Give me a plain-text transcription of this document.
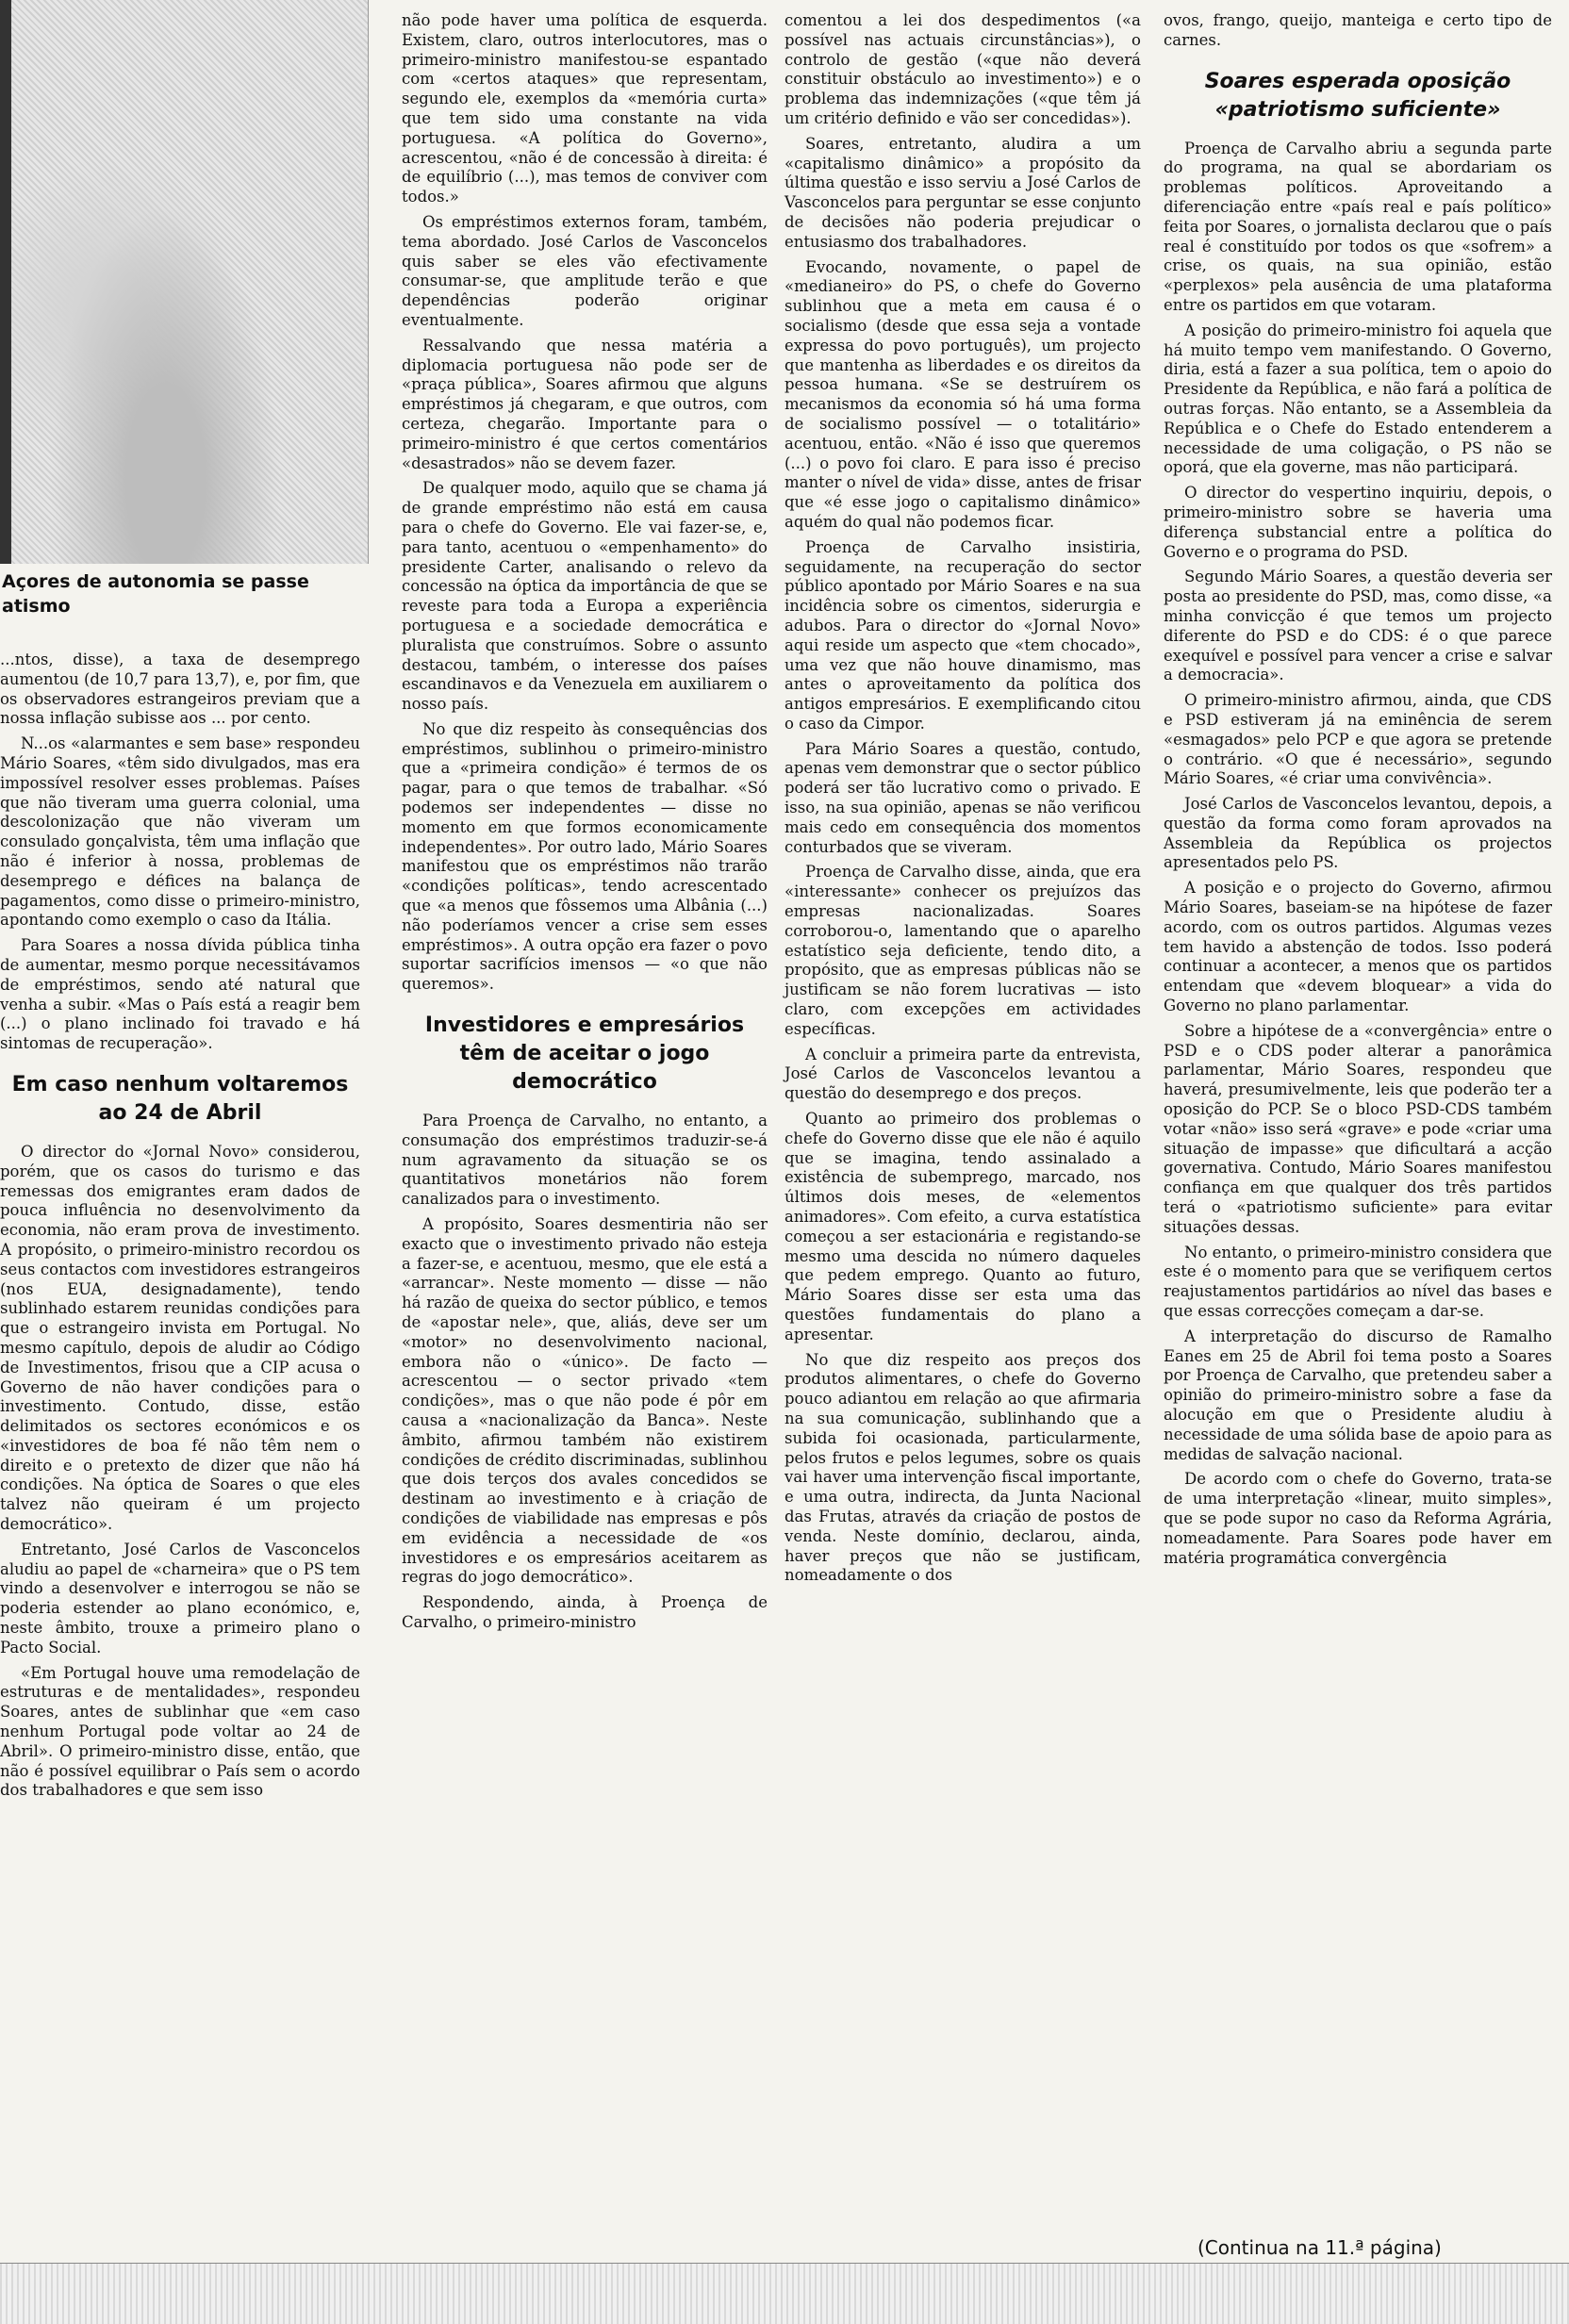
Açores de autonomia se passe
atismo

...ntos, disse), a taxa de desemprego aumentou (de 10,7 para 13,7), e, por fim, que os observadores estrangeiros previam que a nossa inflação subisse aos ... por cento.

N...os «alarmantes e sem base» respondeu Mário Soares, «têm sido divulgados, mas era impossível resolver esses problemas. Países que não tiveram uma guerra colonial, uma descolonização que não viveram um consulado gonçalvista, têm uma inflação que não é inferior à nossa, problemas de desemprego e défices na balança de pagamentos, como disse o primeiro-ministro, apontando como exemplo o caso da Itália.

Para Soares a nossa dívida pública tinha de aumentar, mesmo porque necessitávamos de empréstimos, sendo até natural que venha a subir. «Mas o País está a reagir bem (...) o plano inclinado foi travado e há sintomas de recuperação».

Em caso nenhum voltaremos ao 24 de Abril

O director do «Jornal Novo» considerou, porém, que os casos do turismo e das remessas dos emigrantes eram dados de pouca influência no desenvolvimento da economia, não eram prova de investimento. A propósito, o primeiro-ministro recordou os seus contactos com investidores estrangeiros (nos EUA, designadamente), tendo sublinhado estarem reunidas condições para que o estrangeiro invista em Portugal. No mesmo capítulo, depois de aludir ao Código de Investimentos, frisou que a CIP acusa o Governo de não haver condições para o investimento. Contudo, disse, estão delimitados os sectores económicos e os «investidores de boa fé não têm nem o direito e o pretexto de dizer que não há condições. Na óptica de Soares o que eles talvez não queiram é um projecto democrático».

Entretanto, José Carlos de Vasconcelos aludiu ao papel de «charneira» que o PS tem vindo a desenvolver e interrogou se não se poderia estender ao plano económico, e, neste âmbito, trouxe a primeiro plano o Pacto Social.

«Em Portugal houve uma remodelação de estruturas e de mentalidades», respondeu Soares, antes de sublinhar que «em caso nenhum Portugal pode voltar ao 24 de Abril». O primeiro-ministro disse, então, que não é possível equilibrar o País sem o acordo dos trabalhadores e que sem isso

não pode haver uma política de esquerda. Existem, claro, outros interlocutores, mas o primeiro-ministro manifestou-se espantado com «certos ataques» que representam, segundo ele, exemplos da «memória curta» que tem sido uma constante na vida portuguesa. «A política do Governo», acrescentou, «não é de concessão à direita: é de equilíbrio (...), mas temos de conviver com todos.»

Os empréstimos externos foram, também, tema abordado. José Carlos de Vasconcelos quis saber se eles vão efectivamente consumar-se, que amplitude terão e que dependências poderão originar eventualmente.

Ressalvando que nessa matéria a diplomacia portuguesa não pode ser de «praça pública», Soares afirmou que alguns empréstimos já chegaram, e que outros, com certeza, chegarão. Importante para o primeiro-ministro é que certos comentários «desastrados» não se devem fazer.

De qualquer modo, aquilo que se chama já de grande empréstimo não está em causa para o chefe do Governo. Ele vai fazer-se, e, para tanto, acentuou o «empenhamento» do presidente Carter, analisando o relevo da concessão na óptica da importância de que se reveste para toda a Europa a experiência portuguesa e a sociedade democrática e pluralista que construímos. Sobre o assunto destacou, também, o interesse dos países escandinavos e da Venezuela em auxiliarem o nosso país.

No que diz respeito às consequências dos empréstimos, sublinhou o primeiro-ministro que a «primeira condição» é termos de os pagar, para o que temos de trabalhar. «Só podemos ser independentes — disse no momento em que formos economicamente independentes». Por outro lado, Mário Soares manifestou que os empréstimos não trarão «condições políticas», tendo acrescentado que «a menos que fôssemos uma Albânia (...) não poderíamos vencer a crise sem esses empréstimos». A outra opção era fazer o povo suportar sacrifícios imensos — «o que não queremos».

Investidores e empresários têm de aceitar o jogo democrático

Para Proença de Carvalho, no entanto, a consumação dos empréstimos traduzir-se-á num agravamento da situação se os quantitativos monetários não forem canalizados para o investimento.

A propósito, Soares desmentiria não ser exacto que o investimento privado não esteja a fazer-se, e acentuou, mesmo, que ele está a «arrancar». Neste momento — disse — não há razão de queixa do sector público, e temos de «apostar nele», que, aliás, deve ser um «motor» no desenvolvimento nacional, embora não o «único». De facto — acrescentou — o sector privado «tem condições», mas o que não pode é pôr em causa a «nacionalização da Banca». Neste âmbito, afirmou também não existirem condições de crédito discriminadas, sublinhou que dois terços dos avales concedidos se destinam ao investimento e à criação de condições de viabilidade nas empresas e pôs em evidência a necessidade de «os investidores e os empresários aceitarem as regras do jogo democrático».

Respondendo, ainda, à Proença de Carvalho, o primeiro-ministro

comentou a lei dos despedimentos («a possível nas actuais circunstâncias»), o controlo de gestão («que não deverá constituir obstáculo ao investimento») e o problema das indemnizações («que têm já um critério definido e vão ser concedidas»).

Soares, entretanto, aludira a um «capitalismo dinâmico» a propósito da última questão e isso serviu a José Carlos de Vasconcelos para perguntar se esse conjunto de decisões não poderia prejudicar o entusiasmo dos trabalhadores.

Evocando, novamente, o papel de «medianeiro» do PS, o chefe do Governo sublinhou que a meta em causa é o socialismo (desde que essa seja a vontade expressa do povo português), um projecto que mantenha as liberdades e os direitos da pessoa humana. «Se se destruírem os mecanismos da economia só há uma forma de socialismo possível — o totalitário» acentuou, então. «Não é isso que queremos (...) o povo foi claro. E para isso é preciso manter o nível de vida» disse, antes de frisar que «é esse jogo o capitalismo dinâmico» aquém do qual não podemos ficar.

Proença de Carvalho insistiria, seguidamente, na recuperação do sector público apontado por Mário Soares e na sua incidência sobre os cimentos, siderurgia e adubos. Para o director do «Jornal Novo» aqui reside um aspecto que «tem chocado», uma vez que não houve dinamismo, mas antes o aproveitamento da política dos antigos empresários. E exemplificando citou o caso da Cimpor.

Para Mário Soares a questão, contudo, apenas vem demonstrar que o sector público poderá ser tão lucrativo como o privado. E isso, na sua opinião, apenas se não verificou mais cedo em consequência dos momentos conturbados que se viveram.

Proença de Carvalho disse, ainda, que era «interessante» conhecer os prejuízos das empresas nacionalizadas. Soares corroborou-o, lamentando que o aparelho estatístico seja deficiente, tendo dito, a propósito, que as empresas públicas não se justificam se não forem lucrativas — isto claro, com excepções em actividades específicas.

A concluir a primeira parte da entrevista, José Carlos de Vasconcelos levantou a questão do desemprego e dos preços.

Quanto ao primeiro dos problemas o chefe do Governo disse que ele não é aquilo que se imagina, tendo assinalado a existência de subemprego, marcado, nos últimos dois meses, de «elementos animadores». Com efeito, a curva estatística começou a ser estacionária e registando-se mesmo uma descida no número daqueles que pedem emprego. Quanto ao futuro, Mário Soares disse ser esta uma das questões fundamentais do plano a apresentar.

No que diz respeito aos preços dos produtos alimentares, o chefe do Governo pouco adiantou em relação ao que afirmaria na sua comunicação, sublinhando que a subida foi ocasionada, particularmente, pelos frutos e pelos legumes, sobre os quais vai haver uma intervenção fiscal importante, e uma outra, indirecta, da Junta Nacional das Frutas, através da criação de postos de venda. Neste domínio, declarou, ainda, haver preços que não se justificam, nomeadamente o dos

ovos, frango, queijo, manteiga e certo tipo de carnes.

Soares esperada oposição «patriotismo suficiente»

Proença de Carvalho abriu a segunda parte do programa, na qual se abordariam os problemas políticos. Aproveitando a diferenciação entre «país real e país político» feita por Soares, o jornalista declarou que o país real é constituído por todos os que «sofrem» a crise, os quais, na sua opinião, estão «perplexos» pela ausência de uma plataforma entre os partidos em que votaram.

A posição do primeiro-ministro foi aquela que há muito tempo vem manifestando. O Governo, diria, está a fazer a sua política, tem o apoio do Presidente da República, e não fará a política de outras forças. Não entanto, se a Assembleia da República e o Chefe do Estado entenderem a necessidade de uma coligação, o PS não se oporá, que ela governe, mas não participará.

O director do vespertino inquiriu, depois, o primeiro-ministro sobre se haveria uma diferença substancial entre a política do Governo e o programa do PSD.

Segundo Mário Soares, a questão deveria ser posta ao presidente do PSD, mas, como disse, «a minha convicção é que temos um projecto diferente do PSD e do CDS: é o que parece exequível e possível para vencer a crise e salvar a democracia».

O primeiro-ministro afirmou, ainda, que CDS e PSD estiveram já na eminência de serem «esmagados» pelo PCP e que agora se pretende o contrário. «O que é necessário», segundo Mário Soares, «é criar uma convivência».

José Carlos de Vasconcelos levantou, depois, a questão da forma como foram aprovados na Assembleia da República os projectos apresentados pelo PS.

A posição e o projecto do Governo, afirmou Mário Soares, baseiam-se na hipótese de fazer acordo, com os outros partidos. Algumas vezes tem havido a abstenção de todos. Isso poderá continuar a acontecer, a menos que os partidos entendam que «devem bloquear» a vida do Governo no plano parlamentar.

Sobre a hipótese de a «convergência» entre o PSD e o CDS poder alterar a panorâmica parlamentar, Mário Soares, respondeu que haverá, presumivelmente, leis que poderão ter a oposição do PCP. Se o bloco PSD-CDS também votar «não» isso será «grave» e pode «criar uma situação de impasse» que dificultará a acção governativa. Contudo, Mário Soares manifestou confiança em que qualquer dos três partidos terá o «patriotismo suficiente» para evitar situações dessas.

No entanto, o primeiro-ministro considera que este é o momento para que se verifiquem certos reajustamentos partidários ao nível das bases e que essas correcções começam a dar-se.

A interpretação do discurso de Ramalho Eanes em 25 de Abril foi tema posto a Soares por Proença de Carvalho, que pretendeu saber a opinião do primeiro-ministro sobre a fase da alocução em que o Presidente aludiu à necessidade de uma sólida base de apoio para as medidas de salvação nacional.

De acordo com o chefe do Governo, trata-se de uma interpretação «linear, muito simples», que se pode supor no caso da Reforma Agrária, nomeadamente. Para Soares pode haver em matéria programática convergência

(Continua na 11.ª página)
